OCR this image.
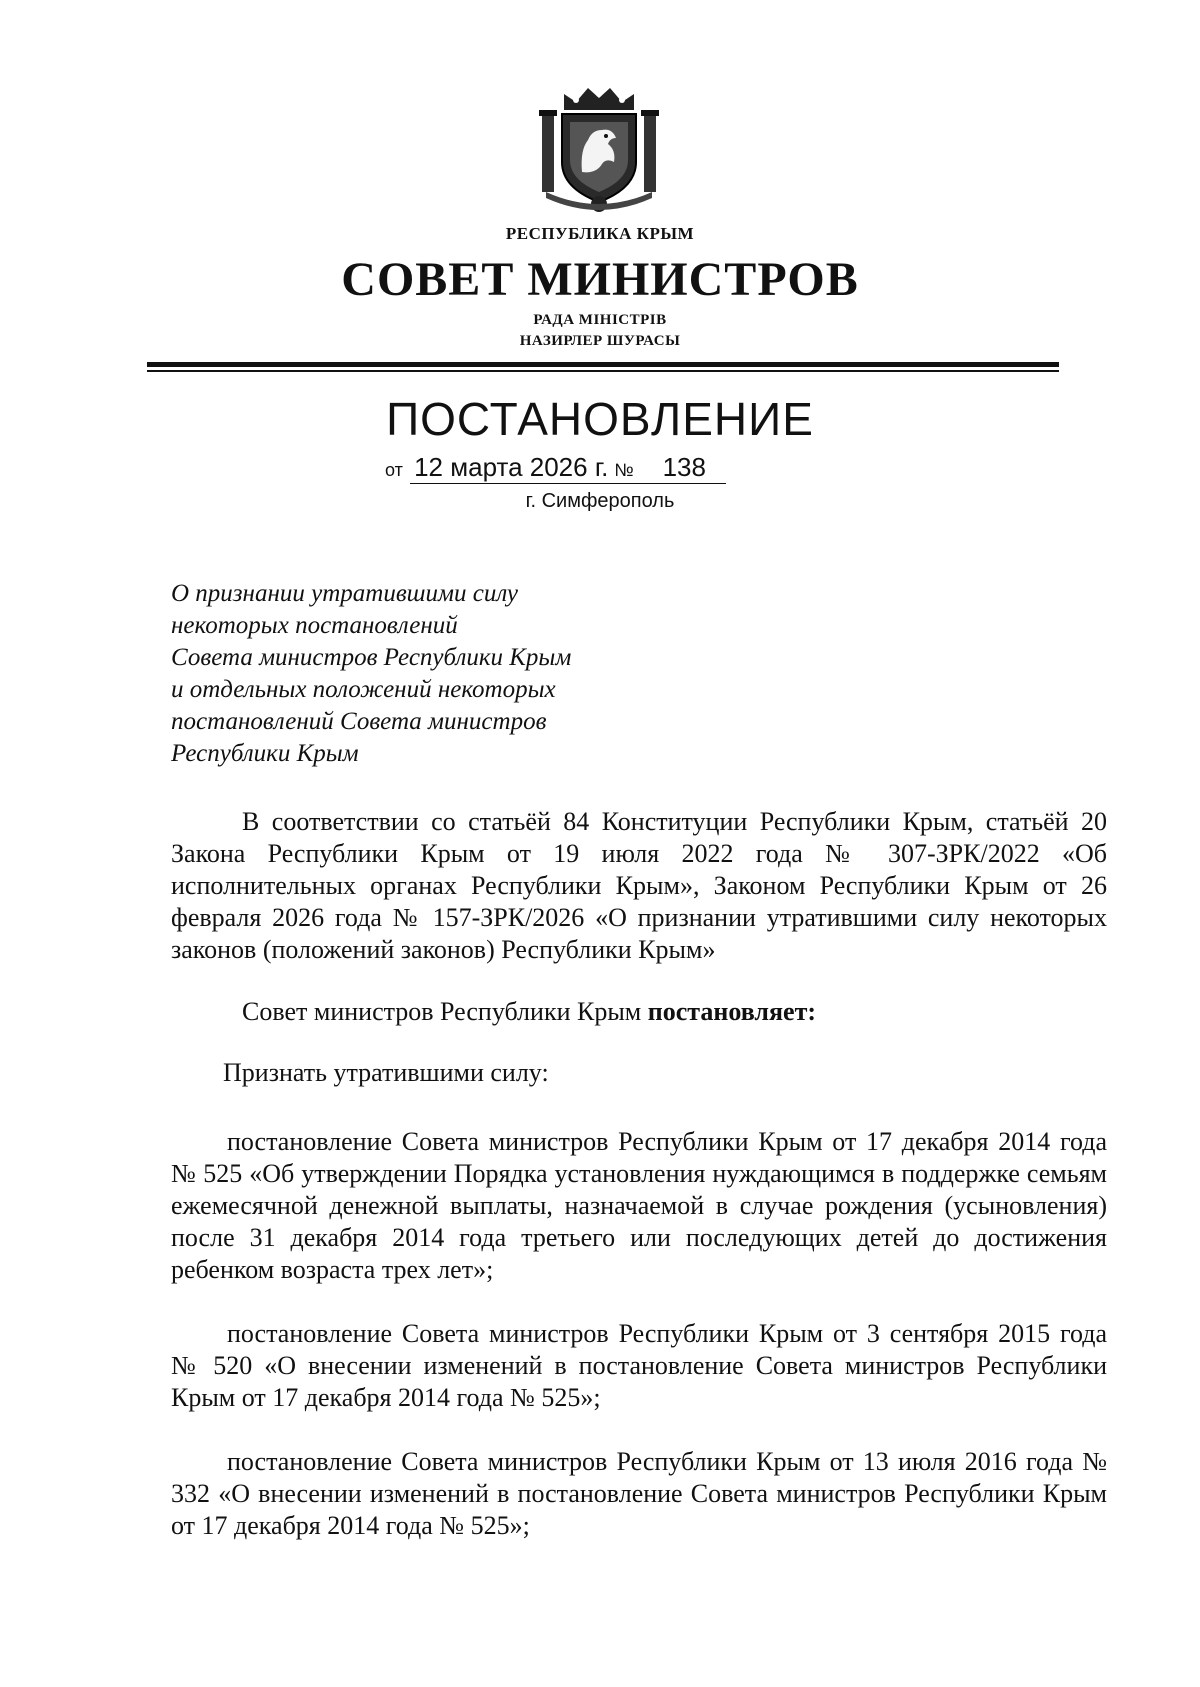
РЕСПУБЛИКА КРЫМ
СОВЕТ МИНИСТРОВ
РАДА МІНІСТРІВ
НАЗИРЛЕР ШУРАСЫ
ПОСТАНОВЛЕНИЕ
от 12 марта 2026 г. № 138
г. Симферополь
О признании утратившими силу
некоторых постановлений
Совета министров Республики Крым
и отдельных положений некоторых
постановлений Совета министров
Республики Крым

В соответствии со статьёй 84 Конституции Республики Крым, статьёй 20 Закона Республики Крым от 19 июля 2022 года № 307-ЗРК/2022 «Об исполнительных органах Республики Крым», Законом Республики Крым от 26 февраля 2026 года № 157-ЗРК/2026 «О признании утратившими силу некоторых законов (положений законов) Республики Крым»

Совет министров Республики Крым постановляет:

Признать утратившими силу:

постановление Совета министров Республики Крым от 17 декабря 2014 года № 525 «Об утверждении Порядка установления нуждающимся в поддержке семьям ежемесячной денежной выплаты, назначаемой в случае рождения (усыновления) после 31 декабря 2014 года третьего или последующих детей до достижения ребенком возраста трех лет»;

постановление Совета министров Республики Крым от 3 сентября 2015 года № 520 «О внесении изменений в постановление Совета министров Республики Крым от 17 декабря 2014 года № 525»;

постановление Совета министров Республики Крым от 13 июля 2016 года № 332 «О внесении изменений в постановление Совета министров Республики Крым от 17 декабря 2014 года № 525»;
